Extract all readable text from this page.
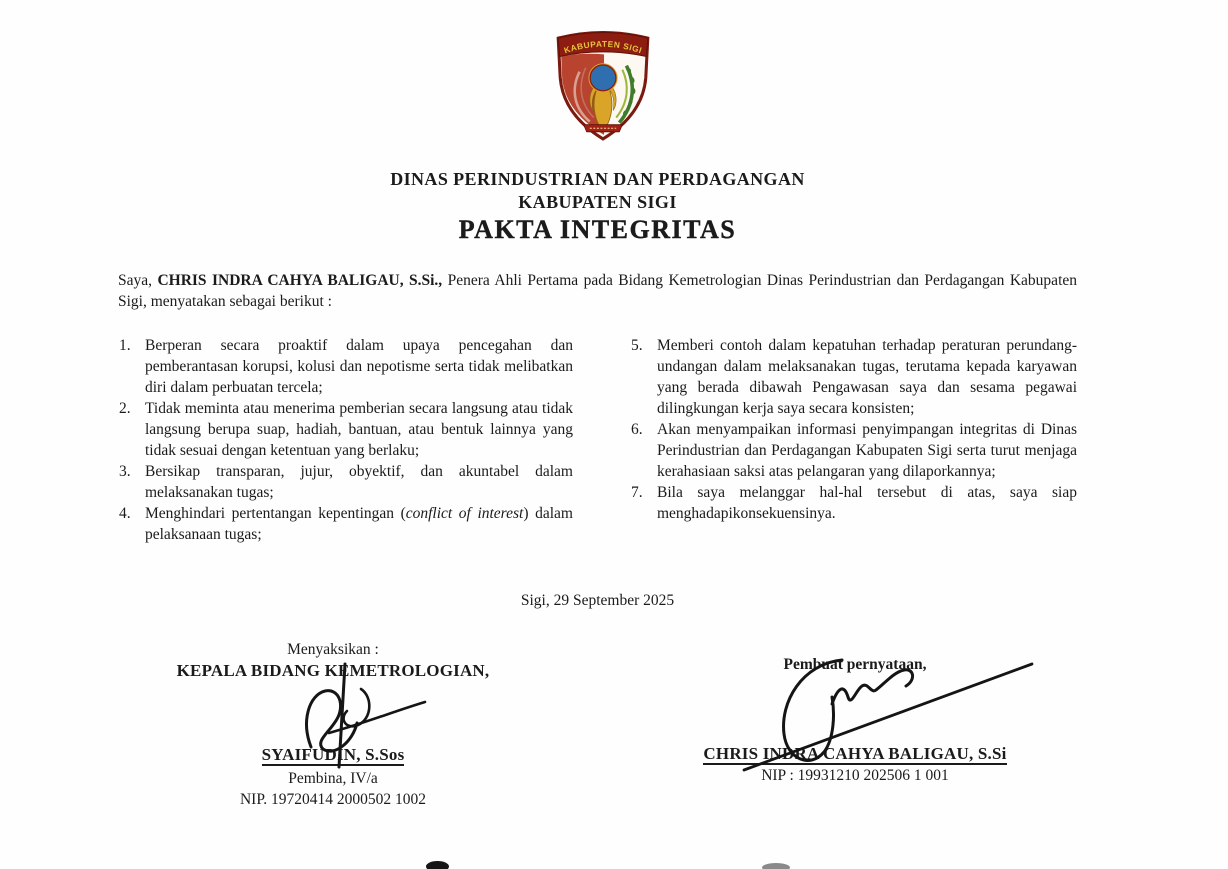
KABUPATEN SIGI
DINAS PERINDUSTRIAN DAN PERDAGANGAN
KABUPATEN SIGI
PAKTA INTEGRITAS

Saya, CHRIS INDRA CAHYA BALIGAU, S.Si., Penera Ahli Pertama pada Bidang Kemetrologian Dinas Perindustrian dan Perdagangan Kabupaten Sigi, menyatakan sebagai berikut :

Berperan secara proaktif dalam upaya pencegahan dan pemberantasan korupsi, kolusi dan nepotisme serta tidak melibatkan diri dalam perbuatan tercela;
Tidak meminta atau menerima pemberian secara langsung atau tidak langsung berupa suap, hadiah, bantuan, atau bentuk lainnya yang tidak sesuai dengan ketentuan yang berlaku;
Bersikap transparan, jujur, obyektif, dan akuntabel dalam melaksanakan tugas;
Menghindari pertentangan kepentingan (conflict of interest) dalam pelaksanaan tugas;
Memberi contoh dalam kepatuhan terhadap peraturan perundang-undangan dalam melaksanakan tugas, terutama kepada karyawan yang berada dibawah Pengawasan saya dan sesama pegawai dilingkungan kerja saya secara konsisten;
Akan menyampaikan informasi penyimpangan integritas di Dinas Perindustrian dan Perdagangan Kabupaten Sigi serta turut menjaga kerahasiaan saksi atas pelangaran yang dilaporkannya;
Bila saya melanggar hal-hal tersebut di atas, saya siap menghadapikonsekuensinya.
Sigi, 29 September 2025
Menyaksikan :
KEPALA BIDANG KEMETROLOGIAN,
SYAIFUDIN, S.Sos
Pembina, IV/a
NIP. 19720414 2000502 1002
Pembuat pernyataan,
CHRIS INDRA CAHYA BALIGAU, S.Si
NIP : 19931210 202506 1 001
